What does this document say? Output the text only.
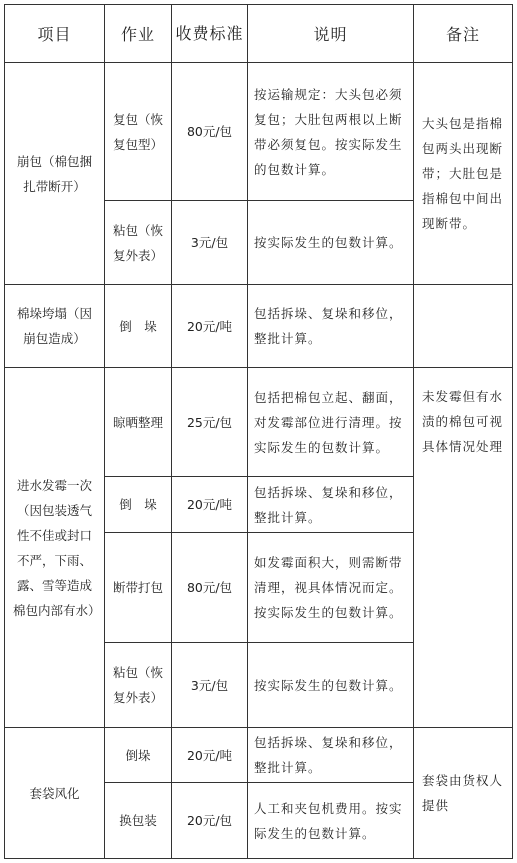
项目	作业	收费标准	说明	备注
崩包（棉包捆扎带断开）	复包（恢复包型）	80元/包	按运输规定：大头包必须复包；大肚包两根以上断带必须复包。按实际发生的包数计算。	大头包是指棉包两头出现断带；大肚包是指棉包中间出现断带。
	粘包（恢复外表）	3元/包	按实际发生的包数计算。	
棉垛垮塌（因崩包造成）	倒　垛	20元/吨	包括拆垛、复垛和移位，整批计算。	
进水发霉一次（因包装透气性不佳或封口不严，下雨、露、雪等造成棉包内部有水）	晾晒整理	25元/包	包括把棉包立起、翻面，对发霉部位进行清理。按实际发生的包数计算。	未发霉但有水渍的棉包可视具体情况处理
	倒　垛	20元/吨	包括拆垛、复垛和移位，整批计算。	
	断带打包	80元/包	如发霉面积大，则需断带清理，视具体情况而定。按实际发生的包数计算。	
	粘包（恢复外表）	3元/包	按实际发生的包数计算。	
套袋风化	倒垛	20元/吨	包括拆垛、复垛和移位，整批计算。	套袋由货权人提供
	换包装	20元/包	人工和夹包机费用。按实际发生的包数计算。	
